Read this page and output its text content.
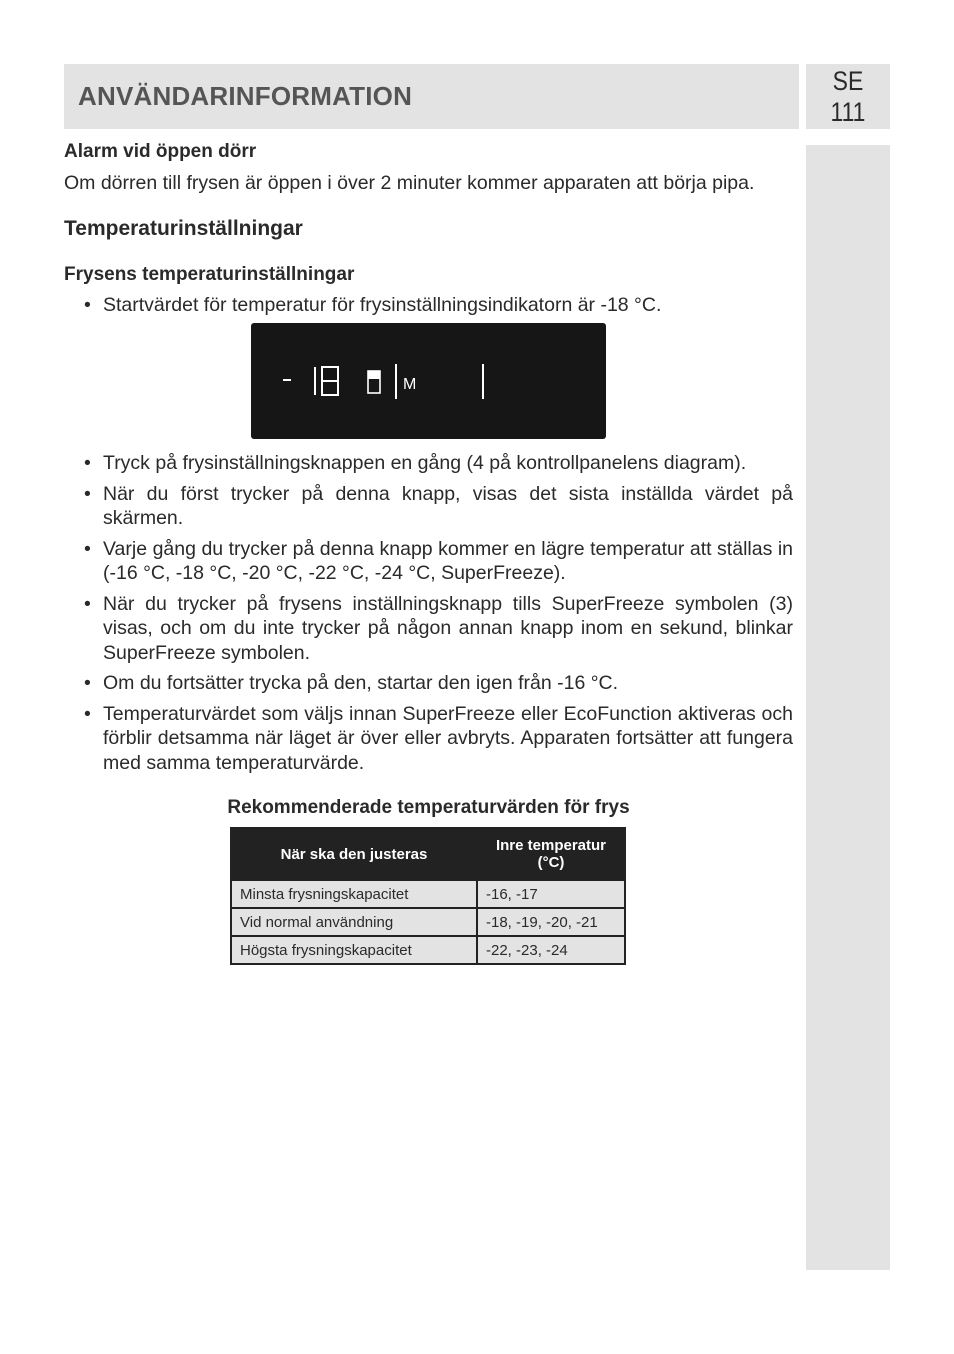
ANVÄNDARINFORMATION	SE
111

Alarm vid öppen dörr

Om dörren till frysen är öppen i över 2 minuter kommer apparaten att börja pipa.

Temperaturinställningar

Frysens temperaturinställningar

• Startvärdet för temperatur för frysinställningsindikatorn är -18 °C.
M
• Tryck på frysinställningsknappen en gång (4 på kontrollpanelens diagram).
• När du först trycker på denna knapp, visas det sista inställda värdet på skärmen.
• Varje gång du trycker på denna knapp kommer en lägre temperatur att ställas in (-16 °C, -18 °C, -20 °C, -22 °C, -24 °C, SuperFreeze).
• När du trycker på frysens inställningsknapp tills SuperFreeze symbolen (3) visas, och om du inte trycker på någon annan knapp inom en sekund, blinkar SuperFreeze symbolen.
• Om du fortsätter trycka på den, startar den igen från -16 °C.
• Temperaturvärdet som väljs innan SuperFreeze eller EcoFunction aktiveras och förblir detsamma när läget är över eller avbryts. Apparaten fortsätter att fungera med samma temperaturvärde.
Rekommenderade temperaturvärden för frys
När ska den justeras	Inre temperatur
(°C)
Minsta frysningskapacitet	-16, -17
Vid normal användning	-18, -19, -20, -21
Högsta frysningskapacitet	-22, -23, -24
